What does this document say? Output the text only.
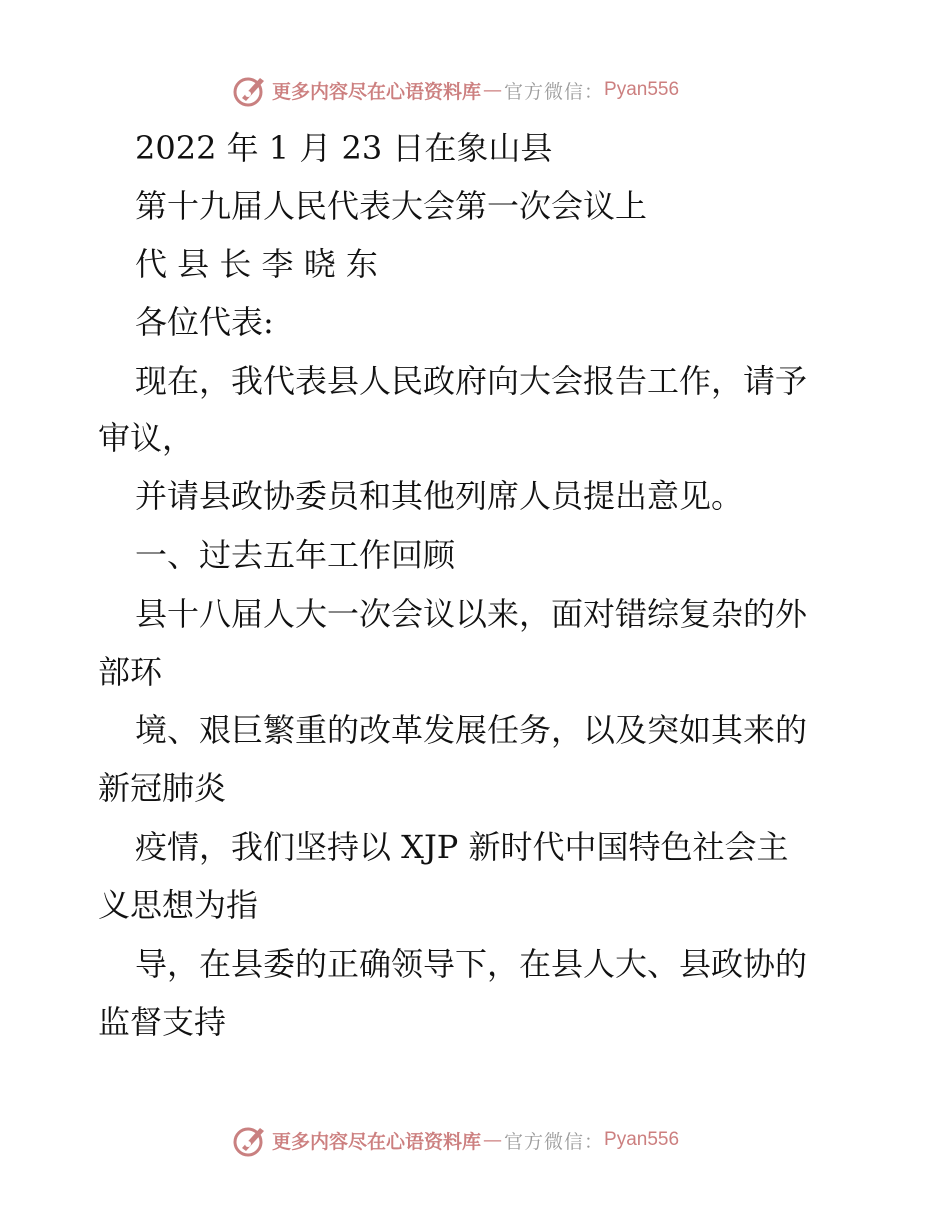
更多内容尽在心语资料库 — 官方微信： Pyan556
2022 年 1 月 23 日在象山县
第十九届人民代表大会第一次会议上
代 县 长 李 晓 东
各位代表:
现在，我代表县人民政府向大会报告工作，请予
审议，
并请县政协委员和其他列席人员提出意见。
一、过去五年工作回顾
县十八届人大一次会议以来，面对错综复杂的外
部环
境、艰巨繁重的改革发展任务，以及突如其来的
新冠肺炎
疫情，我们坚持以 XJP 新时代中国特色社会主
义思想为指
导，在县委的正确领导下，在县人大、县政协的
监督支持
更多内容尽在心语资料库 — 官方微信： Pyan556
